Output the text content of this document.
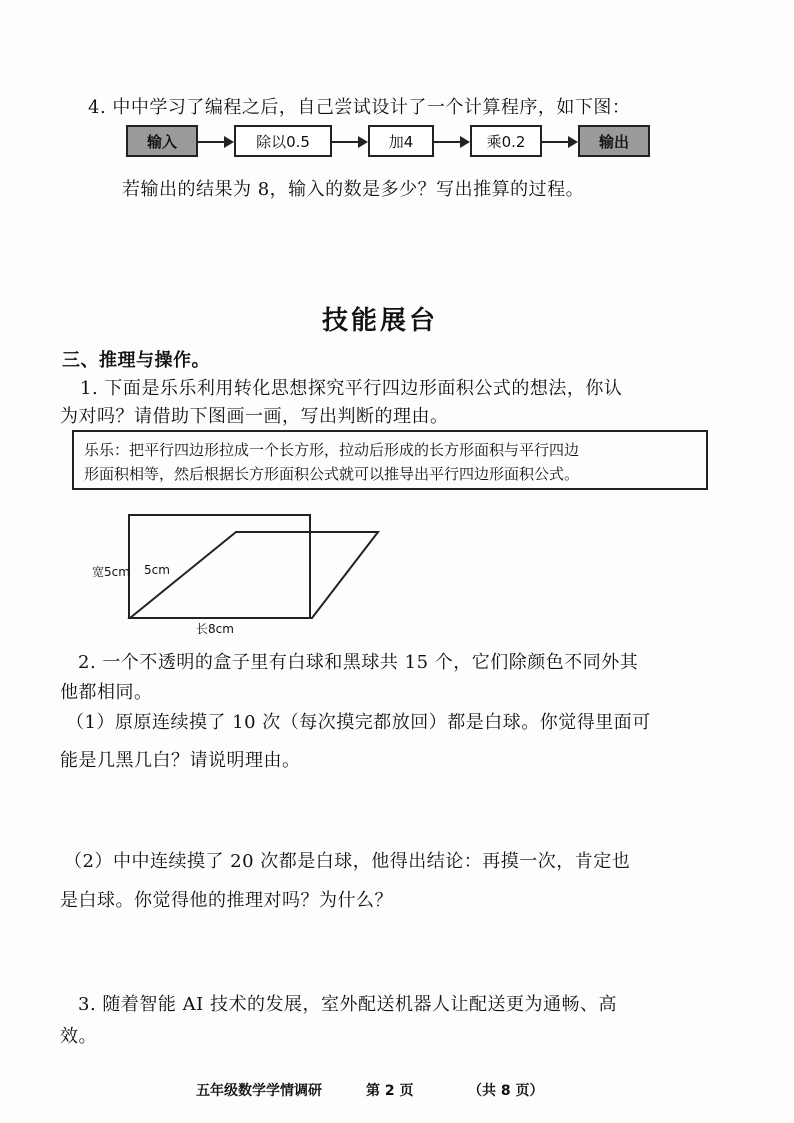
4. 中中学习了编程之后，自己尝试设计了一个计算程序，如下图：
输入	除以0.5	加4	乘0.2	输出
若输出的结果为 8，输入的数是多少？写出推算的过程。
技能展台
三、推理与操作。
1. 下面是乐乐利用转化思想探究平行四边形面积公式的想法，你认
为对吗？请借助下图画一画，写出判断的理由。
乐乐：把平行四边形拉成一个长方形，拉动后形成的长方形面积与平行四边
形面积相等，然后根据长方形面积公式就可以推导出平行四边形面积公式。
宽5cm 5cm
长8cm
2. 一个不透明的盒子里有白球和黑球共 15 个，它们除颜色不同外其
他都相同。
（1）原原连续摸了 10 次（每次摸完都放回）都是白球。你觉得里面可
能是几黑几白？请说明理由。
（2）中中连续摸了 20 次都是白球，他得出结论：再摸一次，肯定也
是白球。你觉得他的推理对吗？为什么？
3. 随着智能 AI 技术的发展，室外配送机器人让配送更为通畅、高
效。
五年级数学学情调研	第 2 页	（共 8 页）
